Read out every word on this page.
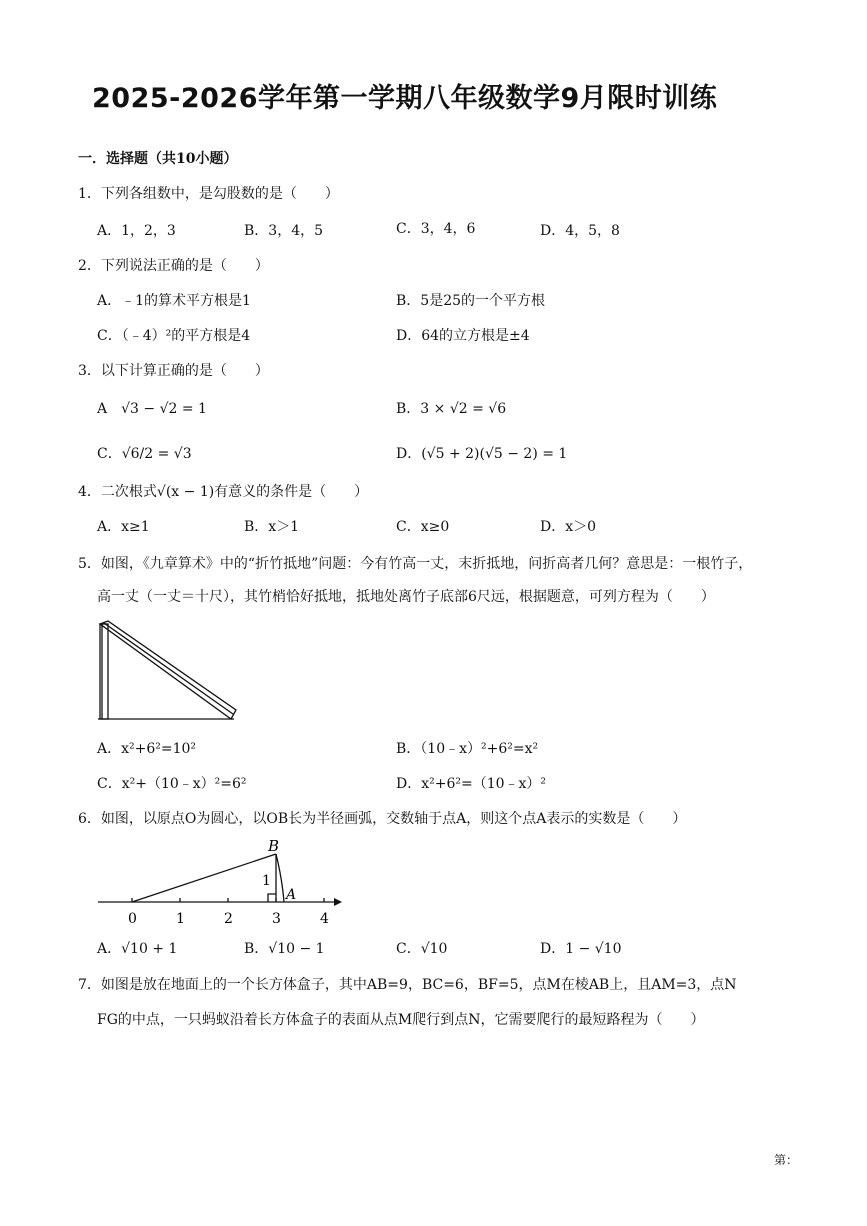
2025-2026学年第一学期八年级数学9月限时训练
一．选择题（共10小题）
1．下列各组数中，是勾股数的是（　　）
A．1，2，3	B．3，4，5	C．3，4，6	D．4，5，8
2．下列说法正确的是（　　）
A．﹣1的算术平方根是1	B．5是25的一个平方根
C．（﹣4）²的平方根是4	D．64的立方根是±4
3．以下计算正确的是（　　）
A　√3 − √2 = 1	B．3 × √2 = √6
C．√6/2 = √3	D．(√5 + 2)(√5 − 2) = 1
4．二次根式√(x − 1)有意义的条件是（　　）
A．x≥1	B．x＞1	C．x≥0	D．x＞0
5．如图，《九章算术》中的“折竹抵地”问题：今有竹高一丈，末折抵地，问折高者几何？意思是：一根竹子，
高一丈（一丈＝十尺），其竹梢恰好抵地，抵地处离竹子底部6尺远，根据题意，可列方程为（　　）
A．x²+6²=10²	B．（10﹣x）²+6²=x²
C．x²+（10﹣x）²=6²	D．x²+6²=（10﹣x）²
6．如图，以原点O为圆心，以OB长为半径画弧，交数轴于点A，则这个点A表示的实数是（　　）
B
A
1
0	1	2	3	4
A．√10 + 1	B．√10 − 1	C．√10	D．1 − √10
7．如图是放在地面上的一个长方体盒子，其中AB=9，BC=6，BF=5，点M在棱AB上，且AM=3，点N
FG的中点，一只蚂蚁沿着长方体盒子的表面从点M爬行到点N，它需要爬行的最短路程为（　　）
第：
